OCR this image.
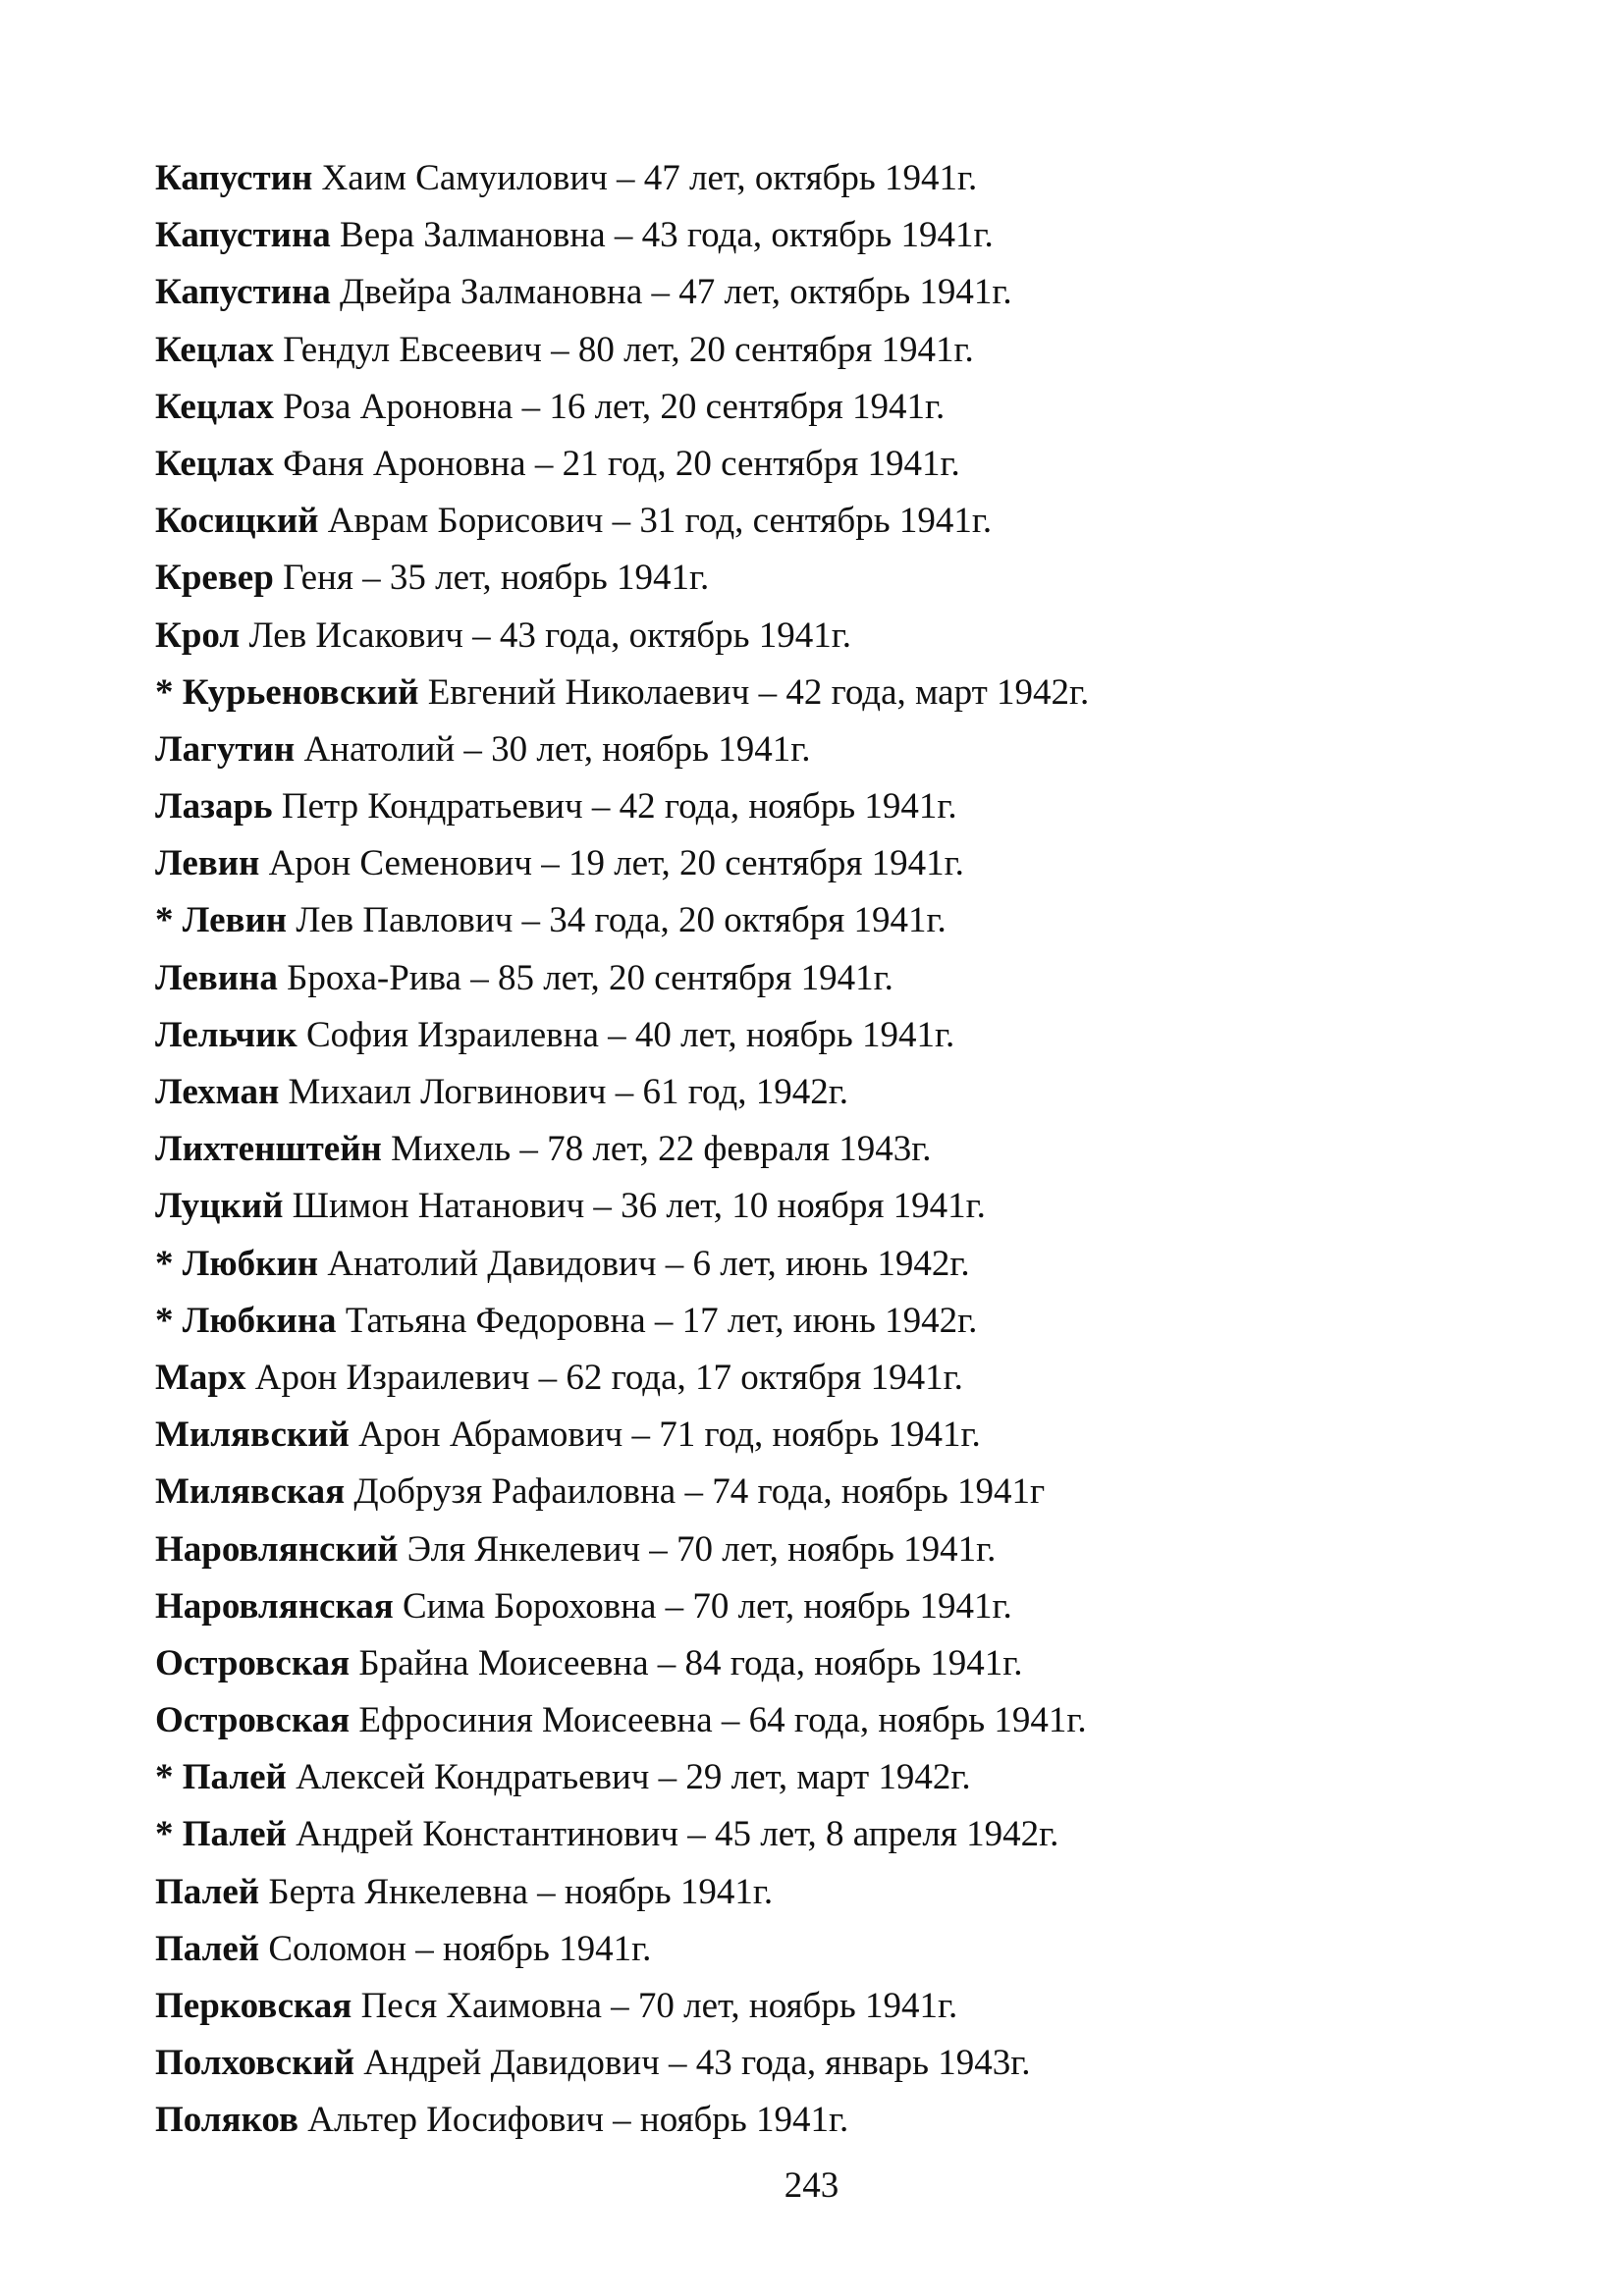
Капустин Хаим Самуилович – 47 лет, октябрь 1941г.
Капустина Вера Залмановна – 43 года, октябрь 1941г.
Капустина Двейра Залмановна – 47 лет, октябрь 1941г.
Кецлах Гендул Евсеевич – 80 лет, 20 сентября 1941г.
Кецлах Роза Ароновна – 16 лет, 20 сентября 1941г.
Кецлах Фаня Ароновна – 21 год, 20 сентября 1941г.
Косицкий Аврам Борисович – 31 год, сентябрь 1941г.
Кревер Геня – 35 лет, ноябрь 1941г.
Крол Лев Исакович – 43 года, октябрь 1941г.
* Курьеновский Евгений Николаевич – 42 года, март 1942г.
Лагутин Анатолий – 30 лет, ноябрь 1941г.
Лазарь Петр Кондратьевич – 42 года, ноябрь 1941г.
Левин Арон Семенович – 19 лет, 20 сентября 1941г.
* Левин Лев Павлович – 34 года, 20 октября 1941г.
Левина Броха-Рива – 85 лет, 20 сентября 1941г.
Лельчик София Израилевна – 40 лет, ноябрь 1941г.
Лехман Михаил Логвинович – 61 год, 1942г.
Лихтенштейн Михель – 78 лет, 22 февраля 1943г.
Луцкий Шимон Натанович – 36 лет, 10 ноября 1941г.
* Любкин Анатолий Давидович – 6 лет, июнь 1942г.
* Любкина Татьяна Федоровна – 17 лет, июнь 1942г.
Марх Арон Израилевич – 62 года, 17 октября 1941г.
Милявский Арон Абрамович – 71 год, ноябрь 1941г.
Милявская Добрузя Рафаиловна – 74 года, ноябрь 1941г
Наровлянский Эля Янкелевич – 70 лет, ноябрь 1941г.
Наровлянская Сима Бороховна – 70 лет, ноябрь 1941г.
Островская Брайна Моисеевна – 84 года, ноябрь 1941г.
Островская Ефросиния Моисеевна – 64 года, ноябрь 1941г.
* Палей Алексей Кондратьевич – 29 лет, март 1942г.
* Палей Андрей Константинович – 45 лет, 8 апреля 1942г.
Палей Берта Янкелевна – ноябрь 1941г.
Палей Соломон – ноябрь 1941г.
Перковская Песя Хаимовна – 70 лет, ноябрь 1941г.
Полховский Андрей Давидович – 43 года, январь 1943г.
Поляков Альтер Иосифович – ноябрь 1941г.
243
